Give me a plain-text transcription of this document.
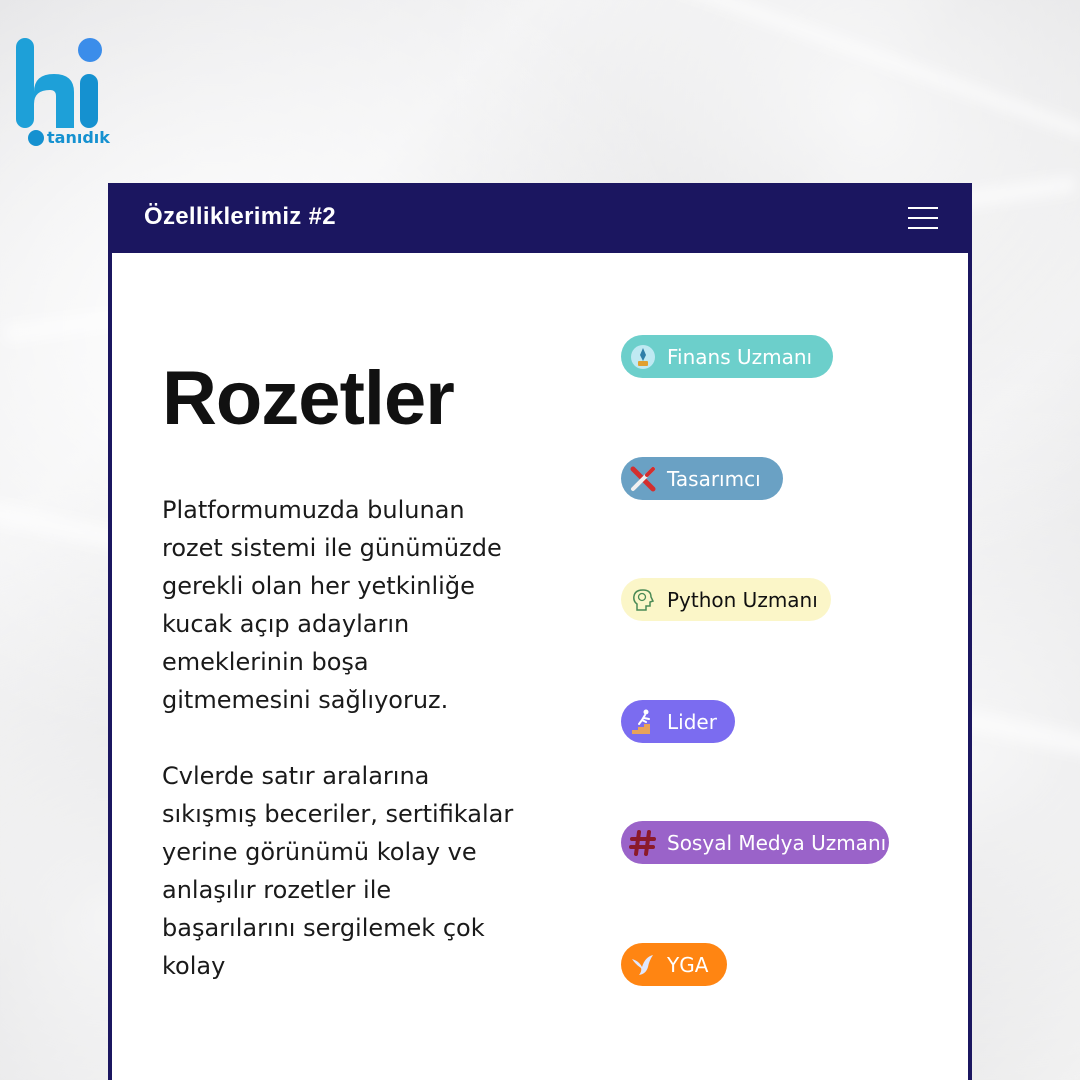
tanıdık
Özelliklerimiz #2
Rozetler

Platformumuzda bulunan rozet sistemi ile günümüzde gerekli olan her yetkinliğe kucak açıp adayların emeklerinin boşa gitmemesini sağlıyoruz.

Cvlerde satır aralarına sıkışmış beceriler, sertifikalar yerine görünümü kolay ve anlaşılır rozetler ile başarılarını sergilemek çok kolay

Finans Uzmanı
Tasarımcı
Python Uzmanı
Lider
Sosyal Medya Uzmanı
YGA
